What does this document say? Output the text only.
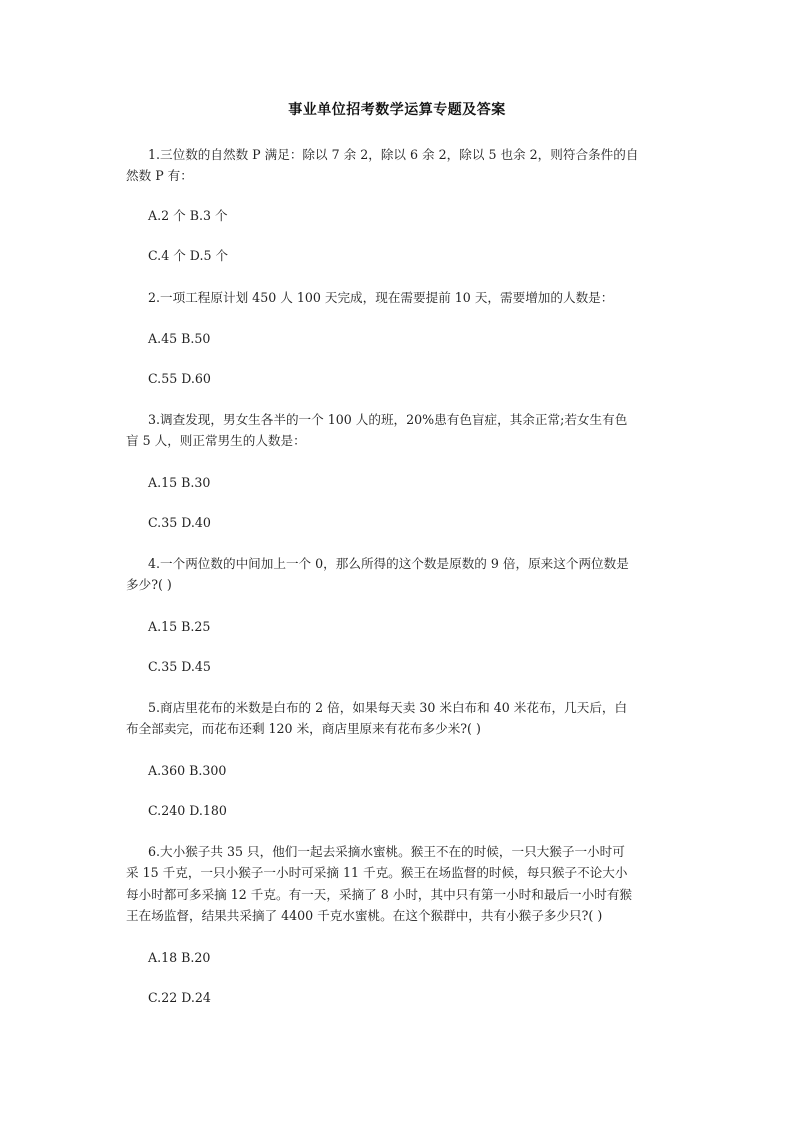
事业单位招考数学运算专题及答案
1.三位数的自然数 P 满足：除以 7 余 2，除以 6 余 2，除以 5 也余 2，则符合条件的自
然数 P 有：
A.2 个 B.3 个
C.4 个 D.5 个
2.一项工程原计划 450 人 100 天完成，现在需要提前 10 天，需要增加的人数是：
A.45 B.50
C.55 D.60
3.调查发现，男女生各半的一个 100 人的班，20%患有色盲症，其余正常;若女生有色
盲 5 人，则正常男生的人数是：
A.15 B.30
C.35 D.40
4.一个两位数的中间加上一个 0，那么所得的这个数是原数的 9 倍，原来这个两位数是
多少?( )
A.15 B.25
C.35 D.45
5.商店里花布的米数是白布的 2 倍，如果每天卖 30 米白布和 40 米花布，几天后，白
布全部卖完，而花布还剩 120 米，商店里原来有花布多少米?( )
A.360 B.300
C.240 D.180
6.大小猴子共 35 只，他们一起去采摘水蜜桃。猴王不在的时候，一只大猴子一小时可
采 15 千克，一只小猴子一小时可采摘 11 千克。猴王在场监督的时候，每只猴子不论大小
每小时都可多采摘 12 千克。有一天，采摘了 8 小时，其中只有第一小时和最后一小时有猴
王在场监督，结果共采摘了 4400 千克水蜜桃。在这个猴群中，共有小猴子多少只?( )
A.18 B.20
C.22 D.24
